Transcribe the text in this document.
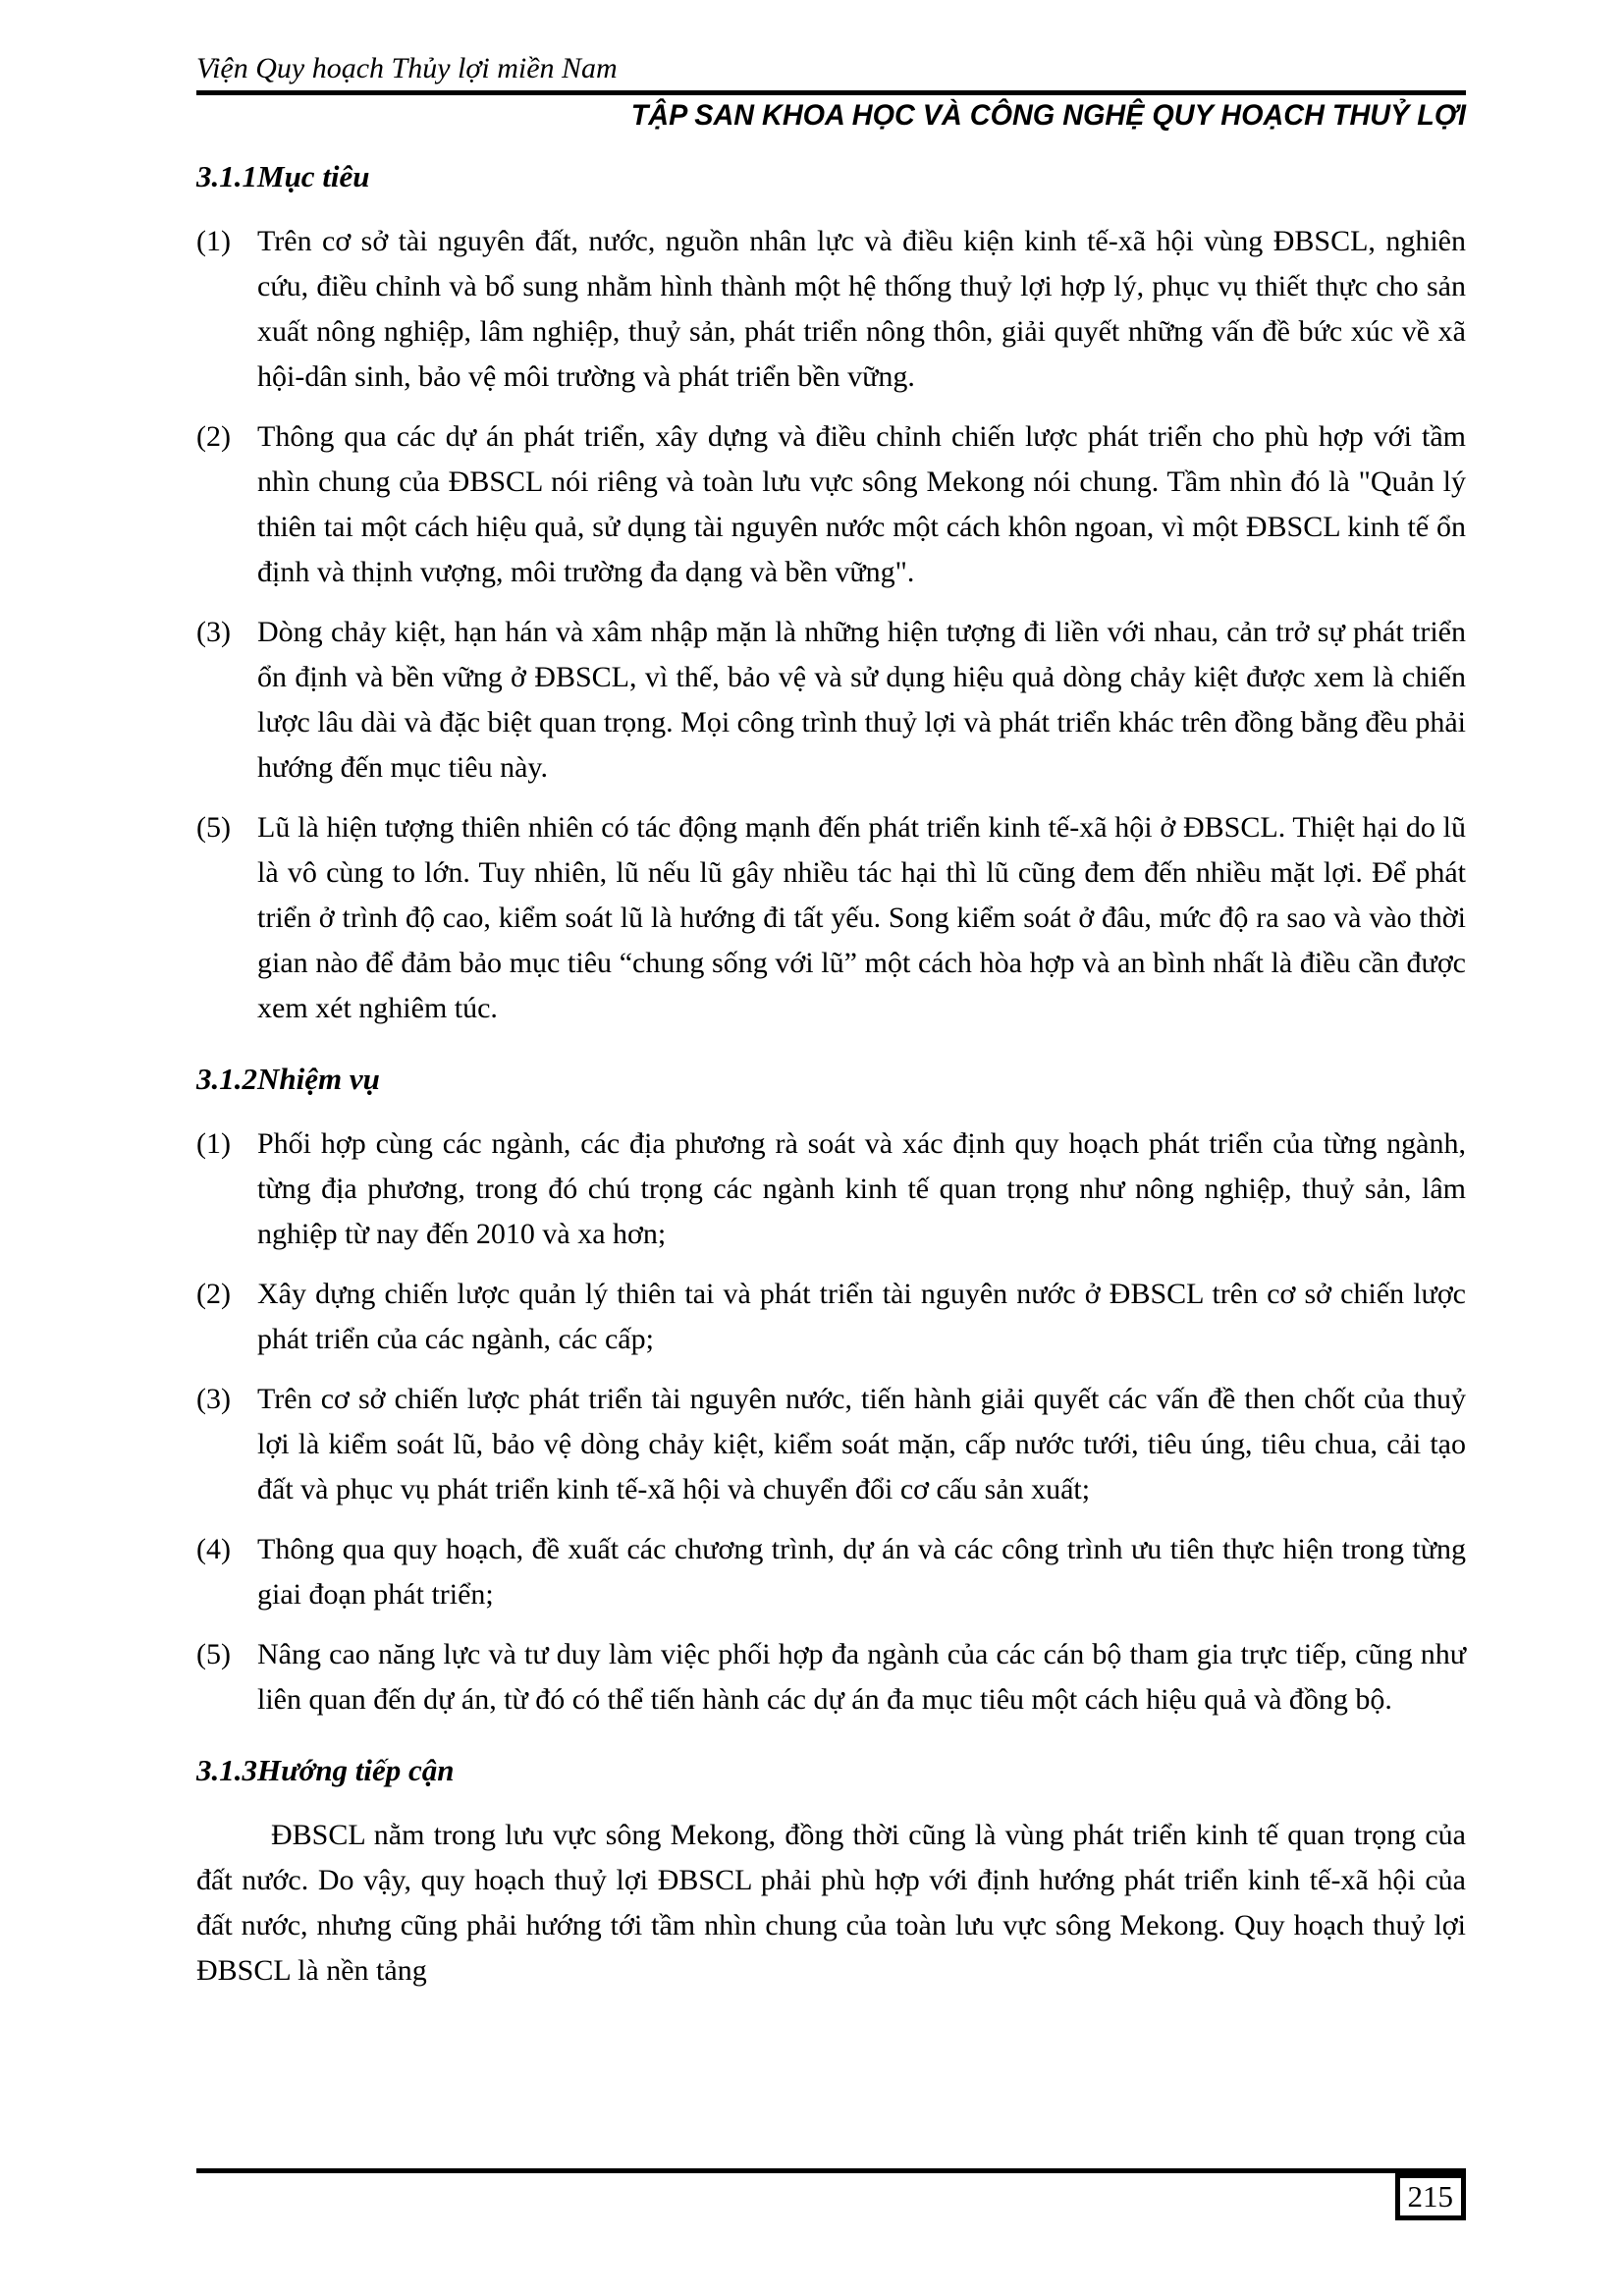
Viện Quy hoạch Thủy lợi miền Nam
TẬP SAN KHOA HỌC VÀ CÔNG NGHỆ QUY HOẠCH THUỶ LỢI
3.1.1 Mục tiêu
(1) Trên cơ sở tài nguyên đất, nước, nguồn nhân lực và điều kiện kinh tế-xã hội vùng ĐBSCL, nghiên cứu, điều chỉnh và bổ sung nhằm hình thành một hệ thống thuỷ lợi hợp lý, phục vụ thiết thực cho sản xuất nông nghiệp, lâm nghiệp, thuỷ sản, phát triển nông thôn, giải quyết những vấn đề bức xúc về xã hội-dân sinh, bảo vệ môi trường và phát triển bền vững.
(2) Thông qua các dự án phát triển, xây dựng và điều chỉnh chiến lược phát triển cho phù hợp với tầm nhìn chung của ĐBSCL nói riêng và toàn lưu vực sông Mekong nói chung. Tầm nhìn đó là "Quản lý thiên tai một cách hiệu quả, sử dụng tài nguyên nước một cách khôn ngoan, vì một ĐBSCL kinh tế ổn định và thịnh vượng, môi trường đa dạng và bền vững".
(3) Dòng chảy kiệt, hạn hán và xâm nhập mặn là những hiện tượng đi liền với nhau, cản trở sự phát triển ổn định và bền vững ở ĐBSCL, vì thế, bảo vệ và sử dụng hiệu quả dòng chảy kiệt được xem là chiến lược lâu dài và đặc biệt quan trọng. Mọi công trình thuỷ lợi và phát triển khác trên đồng bằng đều phải hướng đến mục tiêu này.
(5) Lũ là hiện tượng thiên nhiên có tác động mạnh đến phát triển kinh tế-xã hội ở ĐBSCL. Thiệt hại do lũ là vô cùng to lớn. Tuy nhiên, lũ nếu lũ gây nhiều tác hại thì lũ cũng đem đến nhiều mặt lợi. Để phát triển ở trình độ cao, kiểm soát lũ là hướng đi tất yếu. Song kiểm soát ở đâu, mức độ ra sao và vào thời gian nào để đảm bảo mục tiêu “chung sống với lũ” một cách hòa hợp và an bình nhất là điều cần được xem xét nghiêm túc.
3.1.2 Nhiệm vụ
(1) Phối hợp cùng các ngành, các địa phương rà soát và xác định quy hoạch phát triển của từng ngành, từng địa phương, trong đó chú trọng các ngành kinh tế quan trọng như nông nghiệp, thuỷ sản, lâm nghiệp từ nay đến 2010 và xa hơn;
(2) Xây dựng chiến lược quản lý thiên tai và phát triển tài nguyên nước ở ĐBSCL trên cơ sở chiến lược phát triển của các ngành, các cấp;
(3) Trên cơ sở chiến lược phát triển tài nguyên nước, tiến hành giải quyết các vấn đề then chốt của thuỷ lợi là kiểm soát lũ, bảo vệ dòng chảy kiệt, kiểm soát mặn, cấp nước tưới, tiêu úng, tiêu chua, cải tạo đất và phục vụ phát triển kinh tế-xã hội và chuyển đổi cơ cấu sản xuất;
(4) Thông qua quy hoạch, đề xuất các chương trình, dự án và các công trình ưu tiên thực hiện trong từng giai đoạn phát triển;
(5) Nâng cao năng lực và tư duy làm việc phối hợp đa ngành của các cán bộ tham gia trực tiếp, cũng như liên quan đến dự án, từ đó có thể tiến hành các dự án đa mục tiêu một cách hiệu quả và đồng bộ.
3.1.3 Hướng tiếp cận
ĐBSCL nằm trong lưu vực sông Mekong, đồng thời cũng là vùng phát triển kinh tế quan trọng của đất nước. Do vậy, quy hoạch thuỷ lợi ĐBSCL phải phù hợp với định hướng phát triển kinh tế-xã hội của đất nước, nhưng cũng phải hướng tới tầm nhìn chung của toàn lưu vực sông Mekong. Quy hoạch thuỷ lợi ĐBSCL là nền tảng
215
